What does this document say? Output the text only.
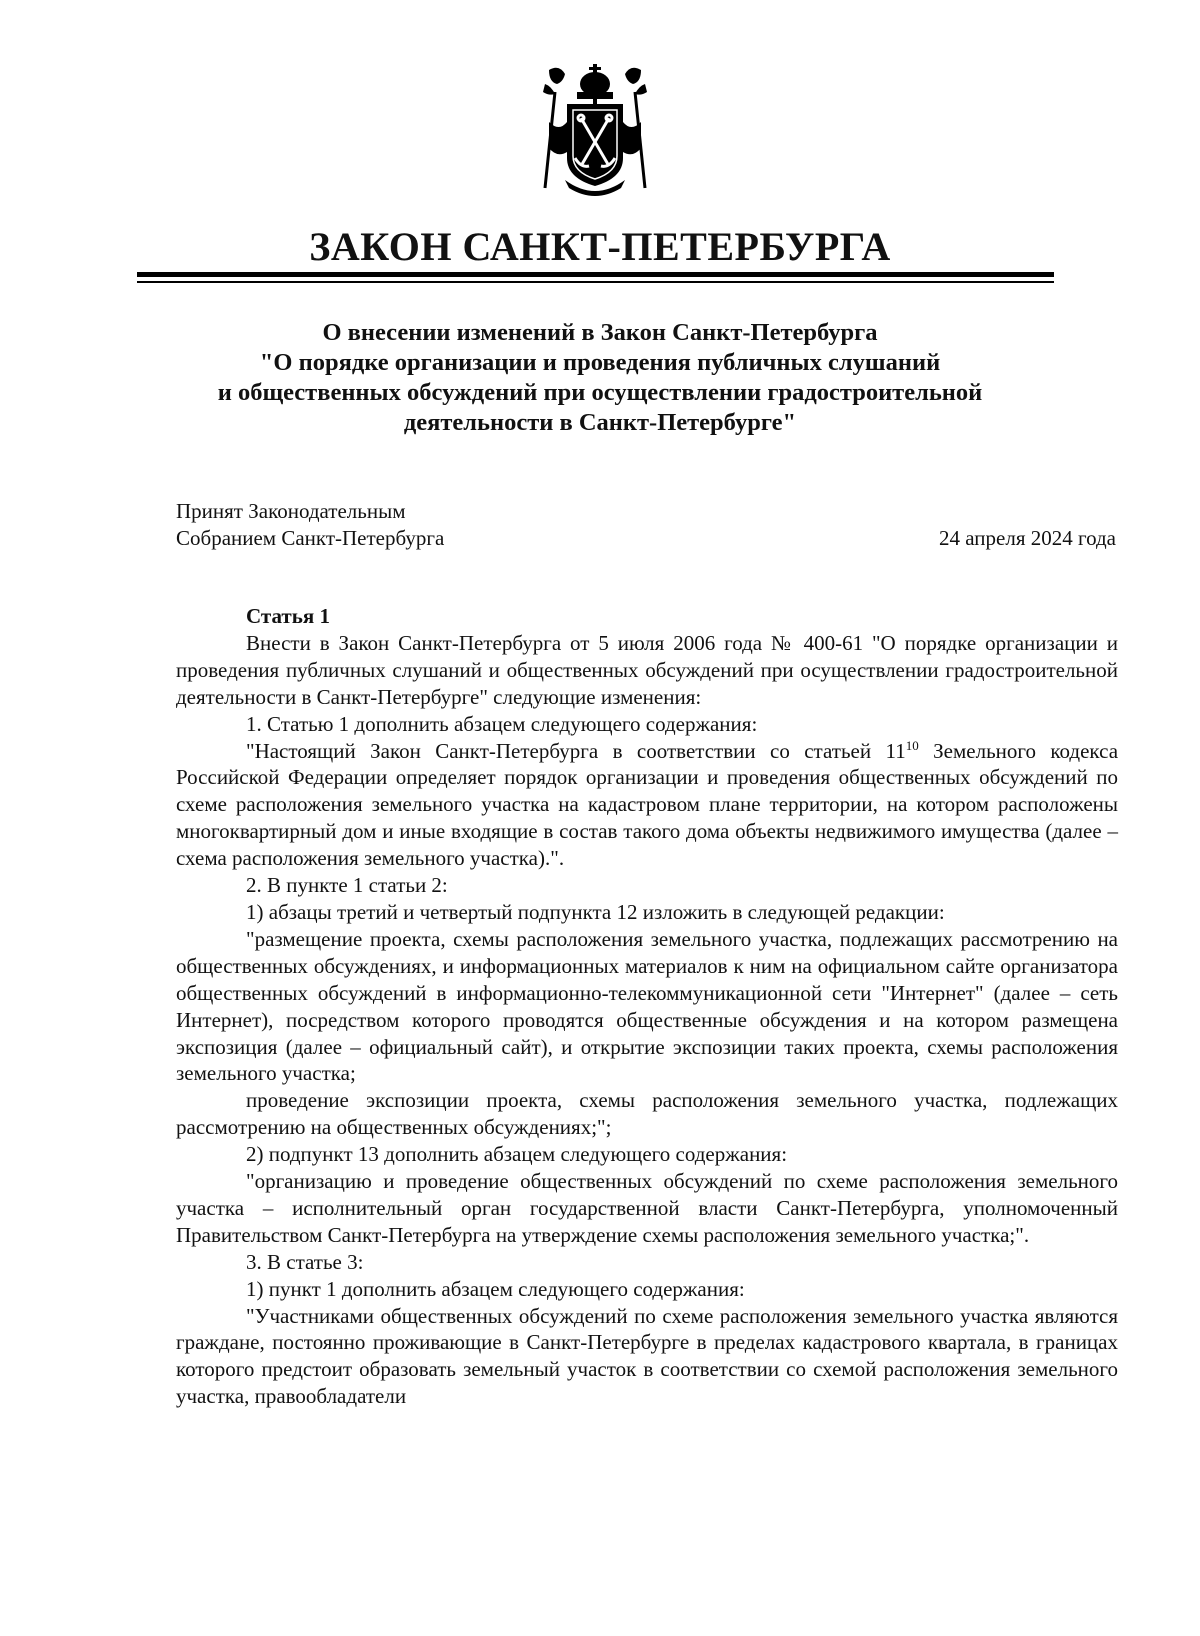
ЗАКОН САНКТ-ПЕТЕРБУРГА
О внесении изменений в Закон Санкт-Петербурга
"О порядке организации и проведения публичных слушаний
и общественных обсуждений при осуществлении градостроительной
деятельности в Санкт-Петербурге"
Принят Законодательным
Собранием Санкт-Петербурга	24 апреля 2024 года

Статья 1

Внести в Закон Санкт-Петербурга от 5 июля 2006 года № 400-61 "О порядке организации и проведения публичных слушаний и общественных обсуждений при осуществлении градостроительной деятельности в Санкт-Петербурге" следующие изменения:

1. Статью 1 дополнить абзацем следующего содержания:

"Настоящий Закон Санкт-Петербурга в соответствии со статьей $11^{10}$ Земельного кодекса Российской Федерации определяет порядок организации и проведения общественных обсуждений по схеме расположения земельного участка на кадастровом плане территории, на котором расположены многоквартирный дом и иные входящие в состав такого дома объекты недвижимого имущества (далее – схема расположения земельного участка).".

2. В пункте 1 статьи 2:

1) абзацы третий и четвертый подпункта 12 изложить в следующей редакции:

"размещение проекта, схемы расположения земельного участка, подлежащих рассмотрению на общественных обсуждениях, и информационных материалов к ним на официальном сайте организатора общественных обсуждений в информационно-телекоммуникационной сети "Интернет" (далее – сеть Интернет), посредством которого проводятся общественные обсуждения и на котором размещена экспозиция (далее – официальный сайт), и открытие экспозиции таких проекта, схемы расположения земельного участка;

проведение экспозиции проекта, схемы расположения земельного участка, подлежащих рассмотрению на общественных обсуждениях;";

2) подпункт 13 дополнить абзацем следующего содержания:

"организацию и проведение общественных обсуждений по схеме расположения земельного участка – исполнительный орган государственной власти Санкт-Петербурга, уполномоченный Правительством Санкт-Петербурга на утверждение схемы расположения земельного участка;".

3. В статье 3:

1) пункт 1 дополнить абзацем следующего содержания:

"Участниками общественных обсуждений по схеме расположения земельного участка являются граждане, постоянно проживающие в Санкт-Петербурге в пределах кадастрового квартала, в границах которого предстоит образовать земельный участок в соответствии со схемой расположения земельного участка, правообладатели
